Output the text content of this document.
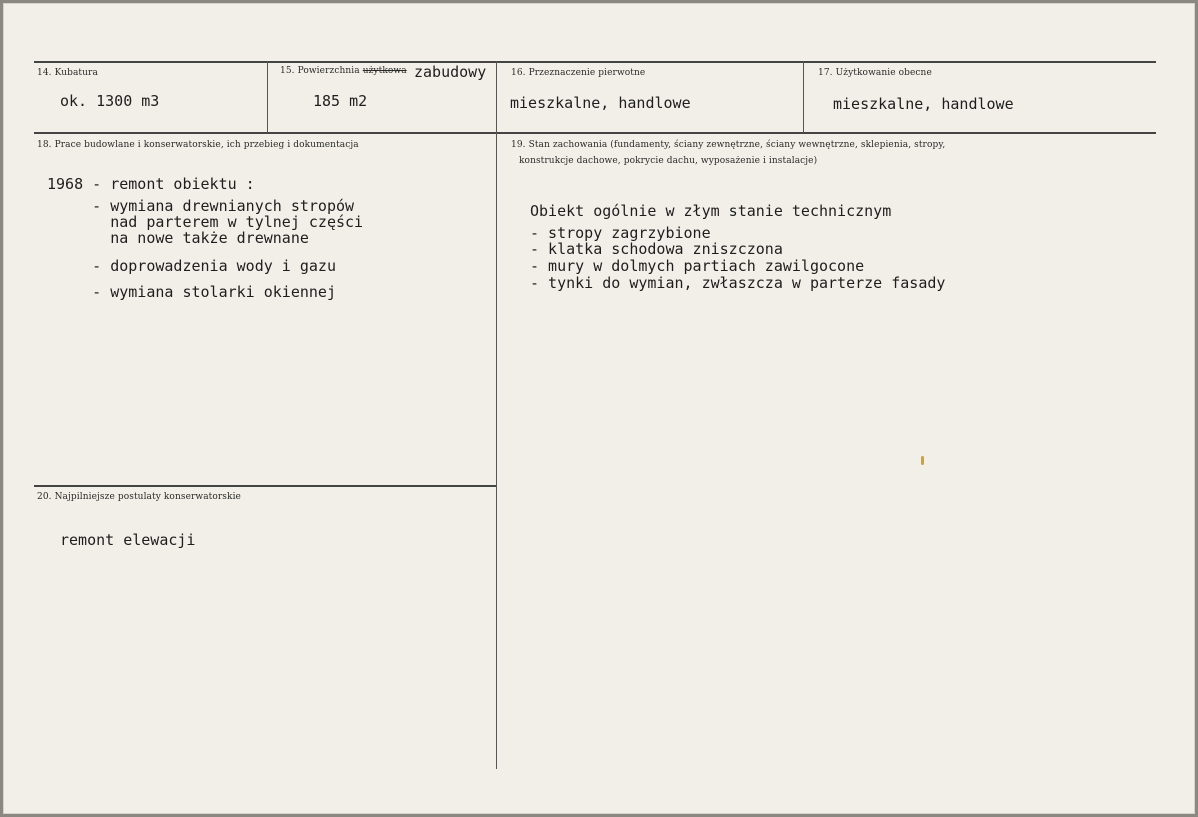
14. Kubatura
ok. 1300 m3
15. Powierzchnia użytkowa zabudowy
185 m2
16. Przeznaczenie pierwotne
mieszkalne, handlowe
17. Użytkowanie obecne
mieszkalne, handlowe
18. Prace budowlane i konserwatorskie, ich przebieg i dokumentacja
1968 - remont obiektu :
- wymiana drewnianych stropów
nad parterem w tylnej części
na nowe także drewnane
- doprowadzenia wody i gazu
- wymiana stolarki okiennej
19. Stan zachowania (fundamenty, ściany zewnętrzne, ściany wewnętrzne, sklepienia, stropy,
konstrukcje dachowe, pokrycie dachu, wyposażenie i instalacje)
Obiekt ogólnie w złym stanie technicznym
- stropy zagrzybione
- klatka schodowa zniszczona
- mury w dolmych partiach zawilgocone
- tynki do wymian, zwłaszcza w parterze fasady
20. Najpilniejsze postulaty konserwatorskie
remont elewacji
